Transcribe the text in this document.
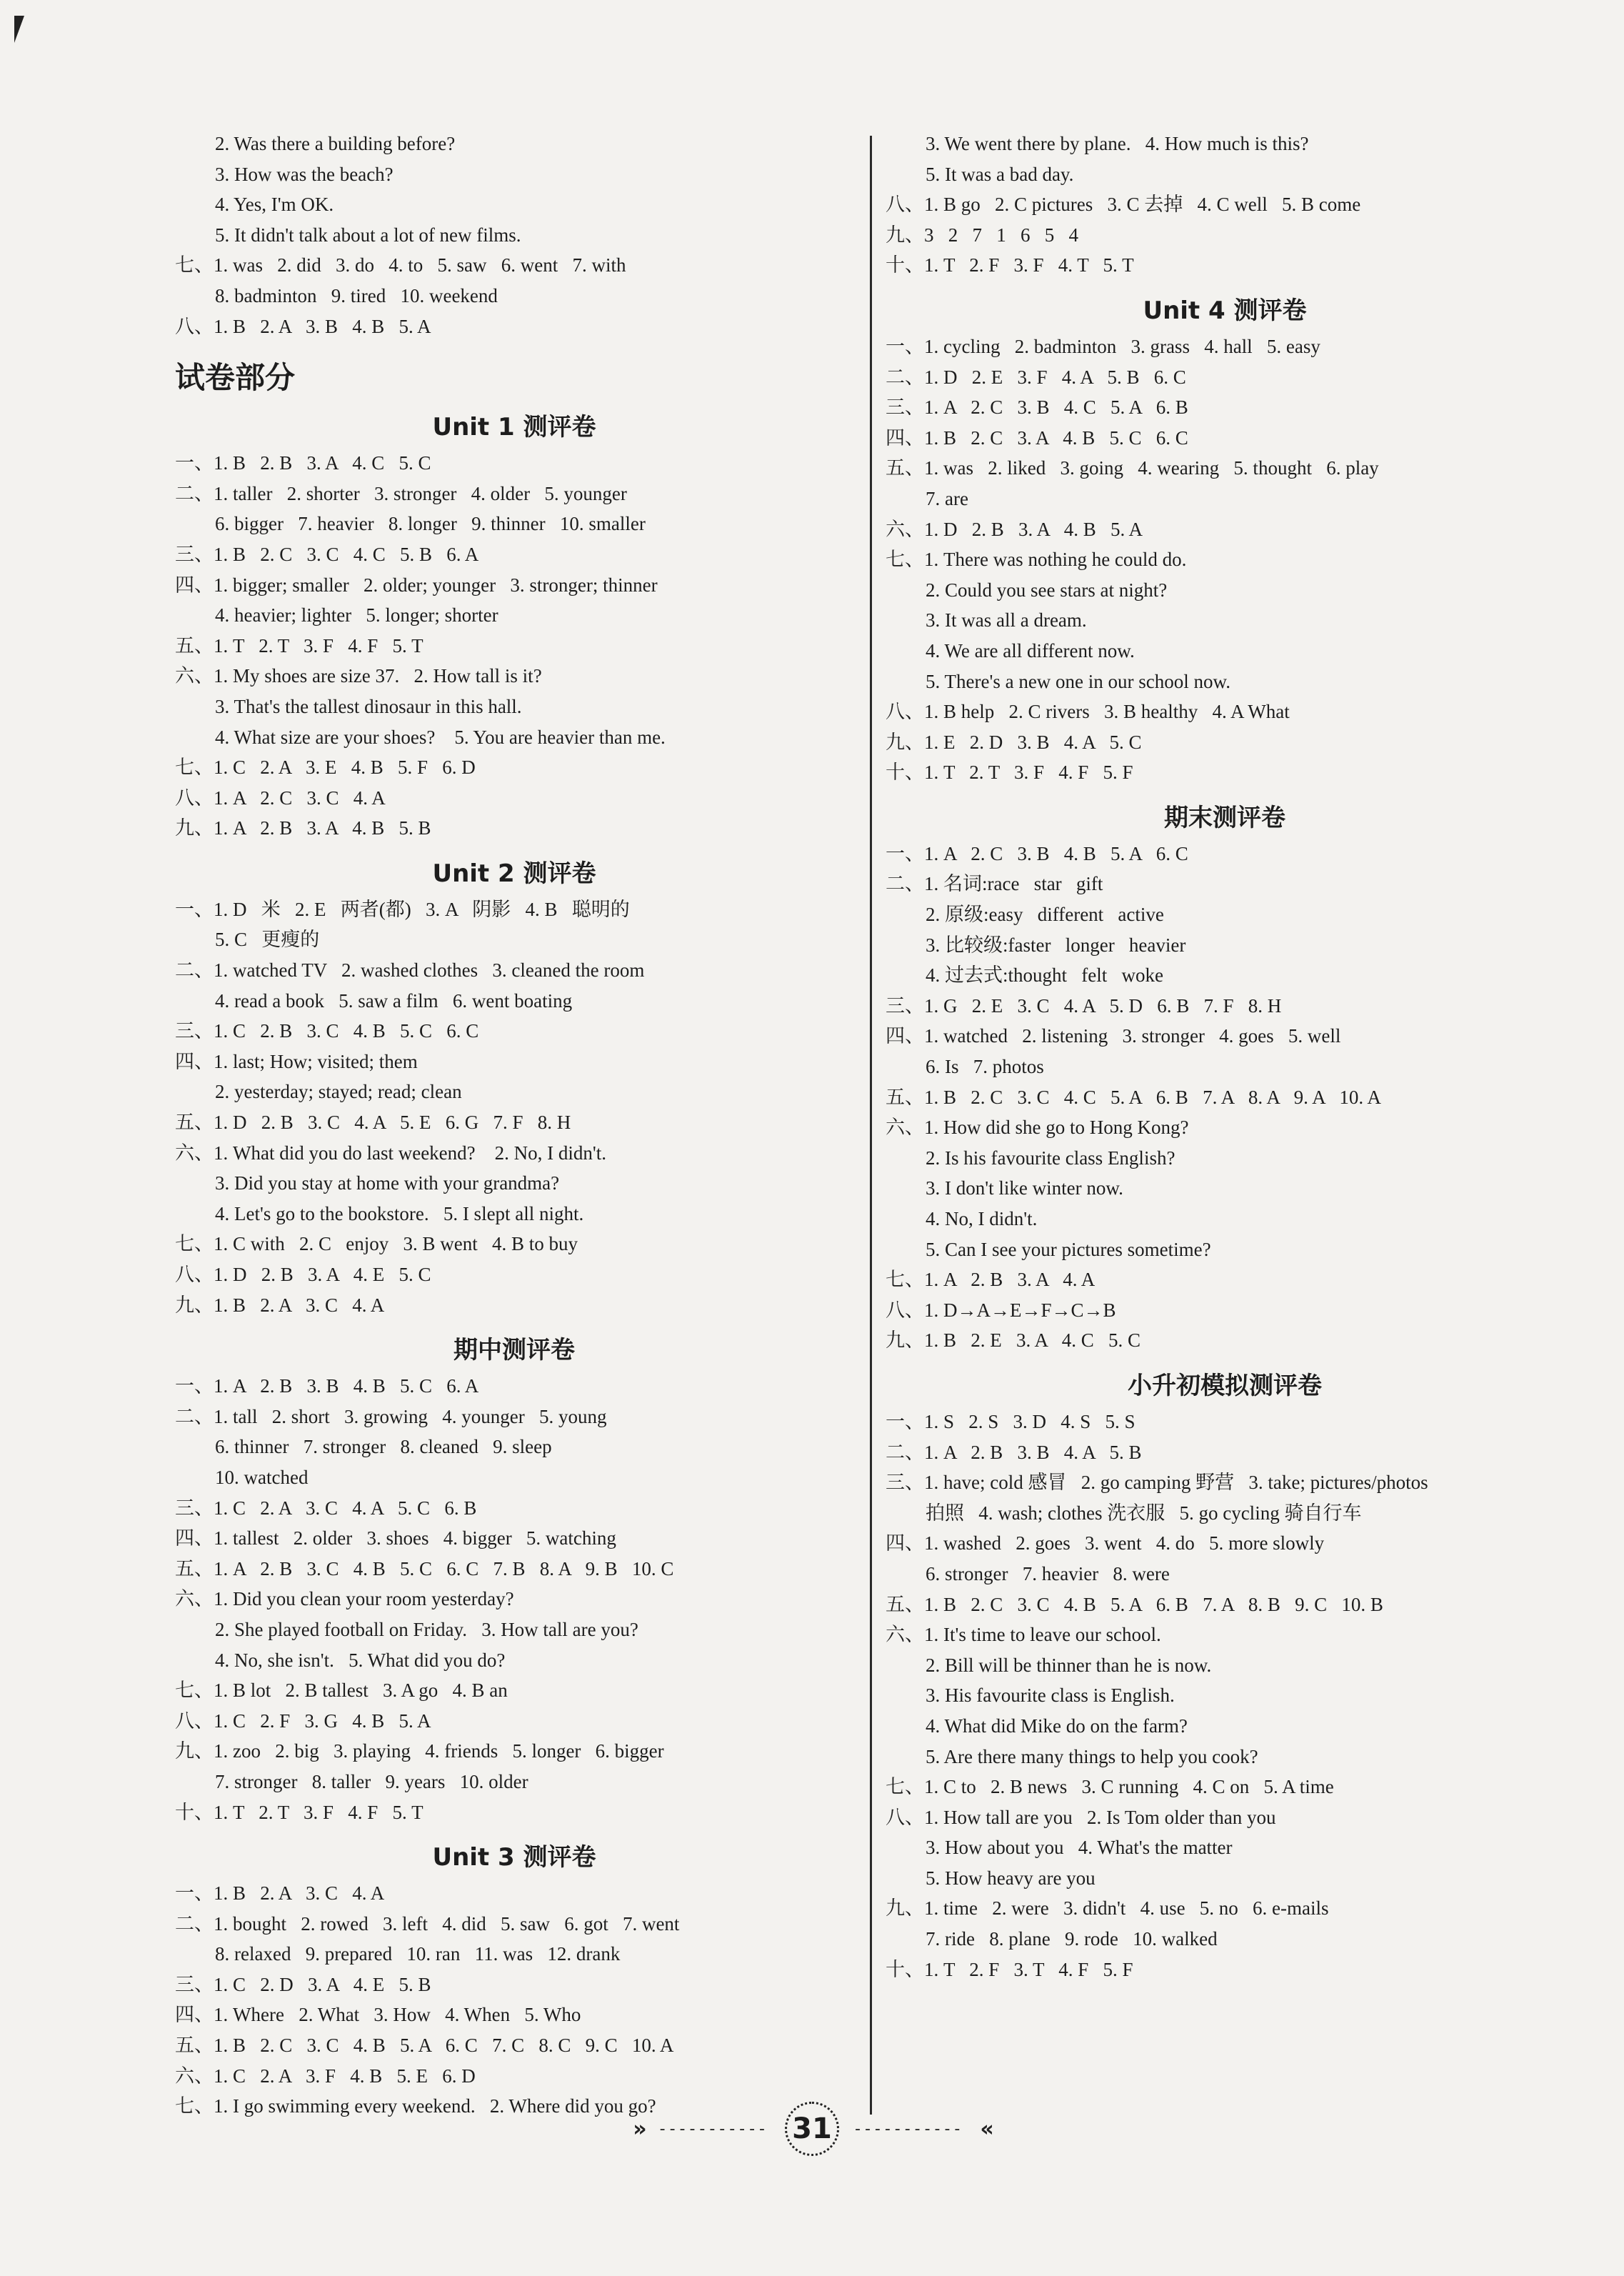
2. Was there a building before?
3. How was the beach?
4. Yes, I'm OK.
5. It didn't talk about a lot of new films.
七、1. was   2. did   3. do   4. to   5. saw   6. went   7. with
8. badminton   9. tired   10. weekend
八、1. B   2. A   3. B   4. B   5. A
试卷部分
Unit 1 测评卷
一、1. B   2. B   3. A   4. C   5. C
二、1. taller   2. shorter   3. stronger   4. older   5. younger
6. bigger   7. heavier   8. longer   9. thinner   10. smaller
三、1. B   2. C   3. C   4. C   5. B   6. A
四、1. bigger; smaller   2. older; younger   3. stronger; thinner
4. heavier; lighter   5. longer; shorter
五、1. T   2. T   3. F   4. F   5. T
六、1. My shoes are size 37.   2. How tall is it?
3. That's the tallest dinosaur in this hall.
4. What size are your shoes?    5. You are heavier than me.
七、1. C   2. A   3. E   4. B   5. F   6. D
八、1. A   2. C   3. C   4. A
九、1. A   2. B   3. A   4. B   5. B
Unit 2 测评卷
一、1. D   米   2. E   两者(都)   3. A   阴影   4. B   聪明的
5. C   更瘦的
二、1. watched TV   2. washed clothes   3. cleaned the room
4. read a book   5. saw a film   6. went boating
三、1. C   2. B   3. C   4. B   5. C   6. C
四、1. last; How; visited; them
2. yesterday; stayed; read; clean
五、1. D   2. B   3. C   4. A   5. E   6. G   7. F   8. H
六、1. What did you do last weekend?    2. No, I didn't.
3. Did you stay at home with your grandma?
4. Let's go to the bookstore.   5. I slept all night.
七、1. C with   2. C   enjoy   3. B went   4. B to buy
八、1. D   2. B   3. A   4. E   5. C
九、1. B   2. A   3. C   4. A
期中测评卷
一、1. A   2. B   3. B   4. B   5. C   6. A
二、1. tall   2. short   3. growing   4. younger   5. young
6. thinner   7. stronger   8. cleaned   9. sleep
10. watched
三、1. C   2. A   3. C   4. A   5. C   6. B
四、1. tallest   2. older   3. shoes   4. bigger   5. watching
五、1. A   2. B   3. C   4. B   5. C   6. C   7. B   8. A   9. B   10. C
六、1. Did you clean your room yesterday?
2. She played football on Friday.   3. How tall are you?
4. No, she isn't.   5. What did you do?
七、1. B lot   2. B tallest   3. A go   4. B an
八、1. C   2. F   3. G   4. B   5. A
九、1. zoo   2. big   3. playing   4. friends   5. longer   6. bigger
7. stronger   8. taller   9. years   10. older
十、1. T   2. T   3. F   4. F   5. T
Unit 3 测评卷
一、1. B   2. A   3. C   4. A
二、1. bought   2. rowed   3. left   4. did   5. saw   6. got   7. went
8. relaxed   9. prepared   10. ran   11. was   12. drank
三、1. C   2. D   3. A   4. E   5. B
四、1. Where   2. What   3. How   4. When   5. Who
五、1. B   2. C   3. C   4. B   5. A   6. C   7. C   8. C   9. C   10. A
六、1. C   2. A   3. F   4. B   5. E   6. D
七、1. I go swimming every weekend.   2. Where did you go?
3. We went there by plane.   4. How much is this?
5. It was a bad day.
八、1. B go   2. C pictures   3. C 去掉   4. C well   5. B come
九、3   2   7   1   6   5   4
十、1. T   2. F   3. F   4. T   5. T
Unit 4 测评卷
一、1. cycling   2. badminton   3. grass   4. hall   5. easy
二、1. D   2. E   3. F   4. A   5. B   6. C
三、1. A   2. C   3. B   4. C   5. A   6. B
四、1. B   2. C   3. A   4. B   5. C   6. C
五、1. was   2. liked   3. going   4. wearing   5. thought   6. play
7. are
六、1. D   2. B   3. A   4. B   5. A
七、1. There was nothing he could do.
2. Could you see stars at night?
3. It was all a dream.
4. We are all different now.
5. There's a new one in our school now.
八、1. B help   2. C rivers   3. B healthy   4. A What
九、1. E   2. D   3. B   4. A   5. C
十、1. T   2. T   3. F   4. F   5. F
期末测评卷
一、1. A   2. C   3. B   4. B   5. A   6. C
二、1. 名词:race   star   gift
2. 原级:easy   different   active
3. 比较级:faster   longer   heavier
4. 过去式:thought   felt   woke
三、1. G   2. E   3. C   4. A   5. D   6. B   7. F   8. H
四、1. watched   2. listening   3. stronger   4. goes   5. well
6. Is   7. photos
五、1. B   2. C   3. C   4. C   5. A   6. B   7. A   8. A   9. A   10. A
六、1. How did she go to Hong Kong?
2. Is his favourite class English?
3. I don't like winter now.
4. No, I didn't.
5. Can I see your pictures sometime?
七、1. A   2. B   3. A   4. A
八、1. D→A→E→F→C→B
九、1. B   2. E   3. A   4. C   5. C
小升初模拟测评卷
一、1. S   2. S   3. D   4. S   5. S
二、1. A   2. B   3. B   4. A   5. B
三、1. have; cold 感冒   2. go camping 野营   3. take; pictures/photos
拍照   4. wash; clothes 洗衣服   5. go cycling 骑自行车
四、1. washed   2. goes   3. went   4. do   5. more slowly
6. stronger   7. heavier   8. were
五、1. B   2. C   3. C   4. B   5. A   6. B   7. A   8. B   9. C   10. B
六、1. It's time to leave our school.
2. Bill will be thinner than he is now.
3. His favourite class is English.
4. What did Mike do on the farm?
5. Are there many things to help you cook?
七、1. C to   2. B news   3. C running   4. C on   5. A time
八、1. How tall are you   2. Is Tom older than you
3. How about you   4. What's the matter
5. How heavy are you
九、1. time   2. were   3. didn't   4. use   5. no   6. e-mails
7. ride   8. plane   9. rode   10. walked
十、1. T   2. F   3. T   4. F   5. F
» ----------- 31	----------- «
